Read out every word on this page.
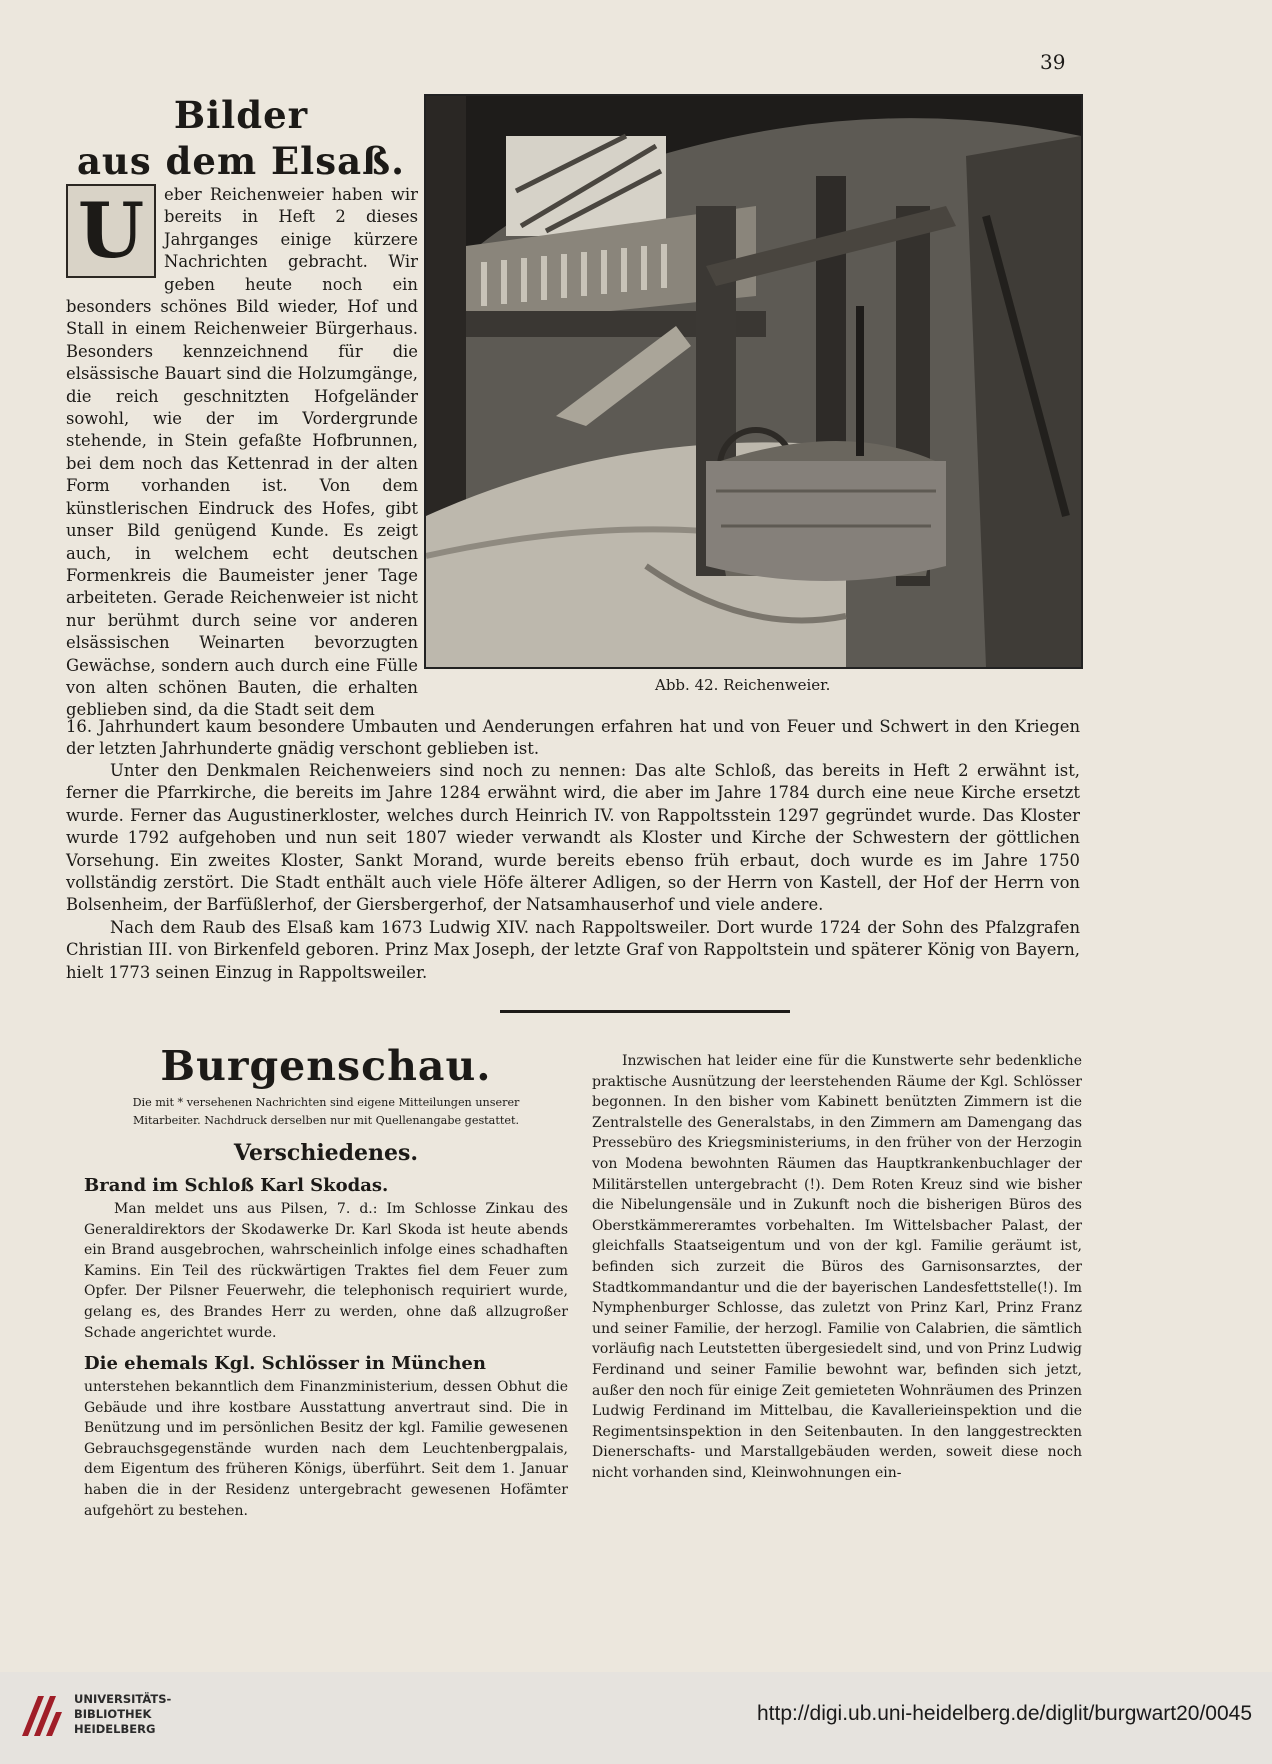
39
Bilder
aus dem Elsaß.
U	eber Reichenweier haben wir bereits in Heft 2 dieses Jahrganges einige kürzere Nachrichten gebracht. Wir geben heute noch ein besonders schönes Bild wieder, Hof und Stall in einem Reichenweier Bürgerhaus. Besonders kennzeichnend für die elsässische Bauart sind die Holzumgänge, die reich geschnitzten Hofgeländer sowohl, wie der im Vordergrunde stehende, in Stein gefaßte Hofbrunnen, bei dem noch das Kettenrad in der alten Form vorhanden ist. Von dem künstlerischen Eindruck des Hofes, gibt unser Bild genügend Kunde. Es zeigt auch, in welchem echt deutschen Formenkreis die Baumeister jener Tage arbeiteten. Gerade Reichenweier ist nicht nur berühmt durch seine vor anderen elsässischen Weinarten bevorzugten Gewächse, sondern auch durch eine Fülle von alten schönen Bauten, die erhalten geblieben sind, da die Stadt seit dem
Abb. 42. Reichenweier.
16. Jahrhundert kaum besondere Umbauten und Aenderungen erfahren hat und von Feuer und Schwert in den Kriegen der letzten Jahrhunderte gnädig verschont geblieben ist.
Unter den Denkmalen Reichenweiers sind noch zu nennen: Das alte Schloß, das bereits in Heft 2 erwähnt ist, ferner die Pfarrkirche, die bereits im Jahre 1284 erwähnt wird, die aber im Jahre 1784 durch eine neue Kirche ersetzt wurde. Ferner das Augustinerkloster, welches durch Heinrich IV. von Rappoltsstein 1297 gegründet wurde. Das Kloster wurde 1792 aufgehoben und nun seit 1807 wieder verwandt als Kloster und Kirche der Schwestern der göttlichen Vorsehung. Ein zweites Kloster, Sankt Morand, wurde bereits ebenso früh erbaut, doch wurde es im Jahre 1750 vollständig zerstört. Die Stadt enthält auch viele Höfe älterer Adligen, so der Herrn von Kastell, der Hof der Herrn von Bolsenheim, der Barfüßlerhof, der Giersbergerhof, der Natsamhauserhof und viele andere.
Nach dem Raub des Elsaß kam 1673 Ludwig XIV. nach Rappoltsweiler. Dort wurde 1724 der Sohn des Pfalzgrafen Christian III. von Birkenfeld geboren. Prinz Max Joseph, der letzte Graf von Rappoltstein und späterer König von Bayern, hielt 1773 seinen Einzug in Rappoltsweiler.
Burgenschau.
Die mit * versehenen Nachrichten sind eigene Mitteilungen unserer
Mitarbeiter. Nachdruck derselben nur mit Quellenangabe gestattet.
Verschiedenes.
Brand im Schloß Karl Skodas.
Man meldet uns aus Pilsen, 7. d.: Im Schlosse Zinkau des Generaldirektors der Skodawerke Dr. Karl Skoda ist heute abends ein Brand ausgebrochen, wahrscheinlich infolge eines schadhaften Kamins. Ein Teil des rückwärtigen Traktes fiel dem Feuer zum Opfer. Der Pilsner Feuerwehr, die telephonisch requiriert wurde, gelang es, des Brandes Herr zu werden, ohne daß allzugroßer Schade angerichtet wurde.
Die ehemals Kgl. Schlösser in München
unterstehen bekanntlich dem Finanzministerium, dessen Obhut die Gebäude und ihre kostbare Ausstattung anvertraut sind. Die in Benützung und im persönlichen Besitz der kgl. Familie gewesenen Gebrauchsgegenstände wurden nach dem Leuchtenbergpalais, dem Eigentum des früheren Königs, überführt. Seit dem 1. Januar haben die in der Residenz untergebracht gewesenen Hofämter aufgehört zu bestehen.
Inzwischen hat leider eine für die Kunstwerte sehr bedenkliche praktische Ausnützung der leerstehenden Räume der Kgl. Schlösser begonnen. In den bisher vom Kabinett benützten Zimmern ist die Zentralstelle des Generalstabs, in den Zimmern am Damengang das Pressebüro des Kriegsministeriums, in den früher von der Herzogin von Modena bewohnten Räumen das Hauptkrankenbuchlager der Militärstellen untergebracht (!). Dem Roten Kreuz sind wie bisher die Nibelungensäle und in Zukunft noch die bisherigen Büros des Oberstkämmereramtes vorbehalten. Im Wittelsbacher Palast, der gleichfalls Staatseigentum und von der kgl. Familie geräumt ist, befinden sich zurzeit die Büros des Garnisonsarztes, der Stadtkommandantur und die der bayerischen Landesfettstelle(!). Im Nymphenburger Schlosse, das zuletzt von Prinz Karl, Prinz Franz und seiner Familie, der herzogl. Familie von Calabrien, die sämtlich vorläufig nach Leutstetten übergesiedelt sind, und von Prinz Ludwig Ferdinand und seiner Familie bewohnt war, befinden sich jetzt, außer den noch für einige Zeit gemieteten Wohnräumen des Prinzen Ludwig Ferdinand im Mittelbau, die Kavallerieinspektion und die Regimentsinspektion in den Seitenbauten. In den langgestreckten Dienerschafts- und Marstallgebäuden werden, soweit diese noch nicht vorhanden sind, Kleinwohnungen ein-
UNIVERSITÄTS-
BIBLIOTHEK
HEIDELBERG
http://digi.ub.uni-heidelberg.de/diglit/burgwart20/0045
